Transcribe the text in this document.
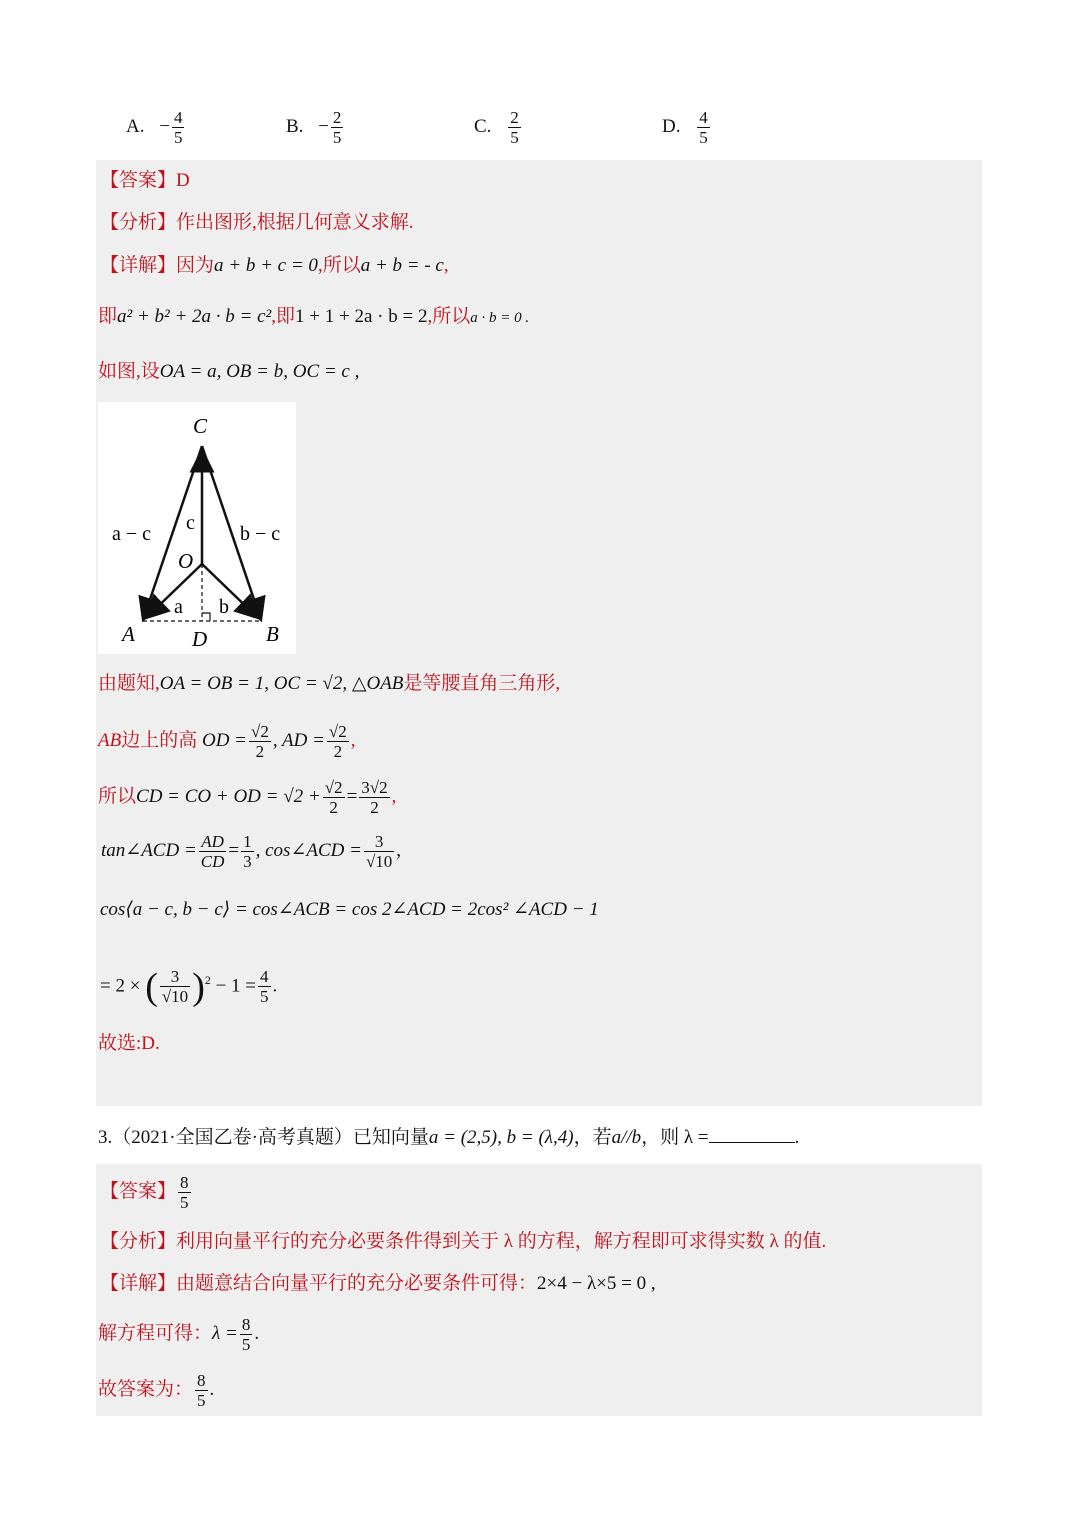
A. − $\frac{4}{5}$	B. − $\frac{2}{5}$	C. $\frac{2}{5}$	D. $\frac{4}{5}$
【答案】D
【分析】作出图形,根据几何意义求解.
【详解】因为a + b + c = 0,所以a + b = - c,
即a² + b² + 2a · b = c²,即1 + 1 + 2a · b = 2,所以a · b = 0 .
如图,设OA = a, OB = b, OC = c ,
C
O
A	B
D
a − c c b − c
a b
由题知,OA = OB = 1, OC = √2, △OAB是等腰直角三角形,
AB边上的高 OD = $\frac{√2}{2}$ , AD = $\frac{√2}{2}$ ,
所以CD = CO + OD = $√2 + \frac{√2}{2} = \frac{3√2}{2}$ ,
tan∠ACD = $\frac{AD}{CD} = \frac{1}{3}$ , cos∠ACD = $\frac{3}{√10}$ ,
cos⟨a − c, b − c⟩ = cos∠ACB = cos 2∠ACD = 2cos² ∠ACD − 1
= 2 × ( $\frac{3}{√10} )^2 - 1 = \frac{4}{5}$ .
故选:D.
3.（2021·全国乙卷·高考真题）已知向量a = (2,5), b = (λ,4)，若a//b，则 λ =	.
【答案】 $\frac{8}{5}$
【分析】利用向量平行的充分必要条件得到关于 λ 的方程，解方程即可求得实数 λ 的值.
【详解】由题意结合向量平行的充分必要条件可得：2×4 − λ×5 = 0 ,
解方程可得：$\lambda = \frac{8}{5}$ .
故答案为： $\frac{8}{5}$ .
